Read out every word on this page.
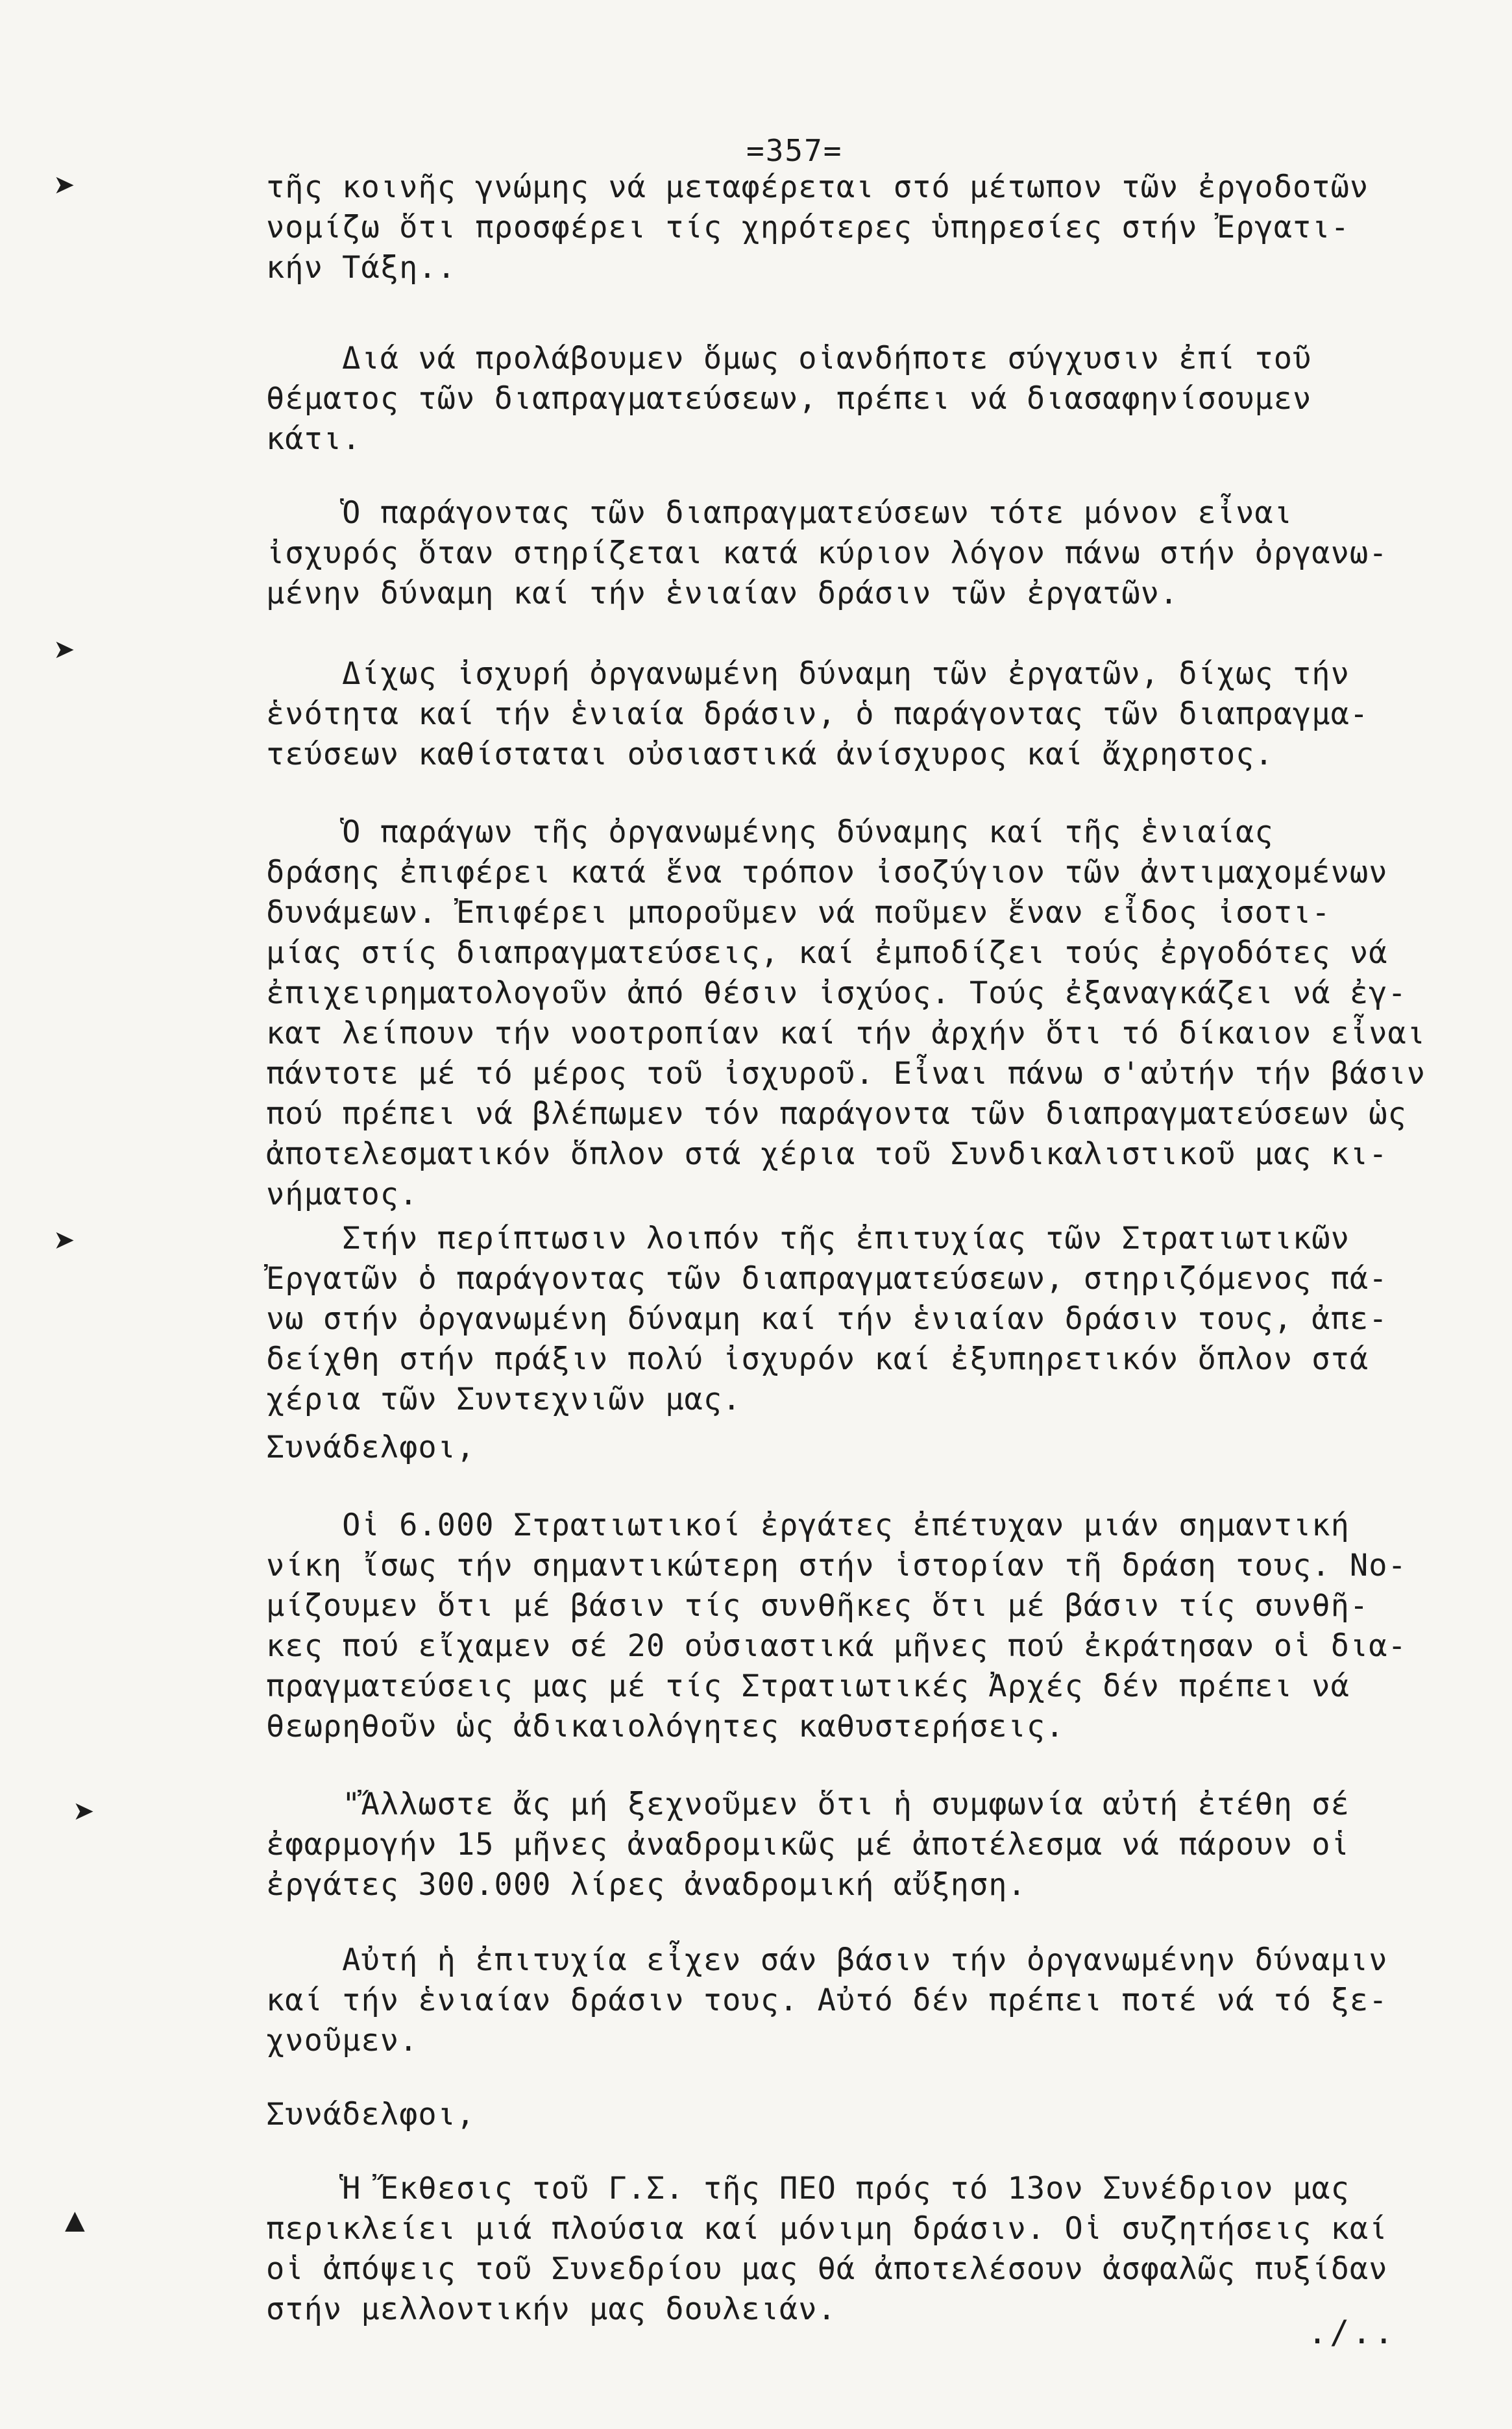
=357=
➤
➤
➤
➤
▲
τῆς κοινῆς γνώμης νά μεταφέρεται στό μέτωπον τῶν ἐργοδοτῶν
νομίζω ὅτι προσφέρει τίς χηρότερες ὑπηρεσίες στήν Ἐργατι-
κήν Τάξη..
Διά νά προλάβουμεν ὅμως οἱανδήποτε σύγχυσιν ἐπί τοῦ
θέματος τῶν διαπραγματεύσεων, πρέπει νά διασαφηνίσουμεν
κάτι.
Ὁ παράγοντας τῶν διαπραγματεύσεων τότε μόνον εἶναι
ἰσχυρός ὅταν στηρίζεται κατά κύριον λόγον πάνω στήν ὀργανω-
μένην δύναμη καί τήν ἑνιαίαν δράσιν τῶν ἐργατῶν.
Δίχως ἰσχυρή ὀργανωμένη δύναμη τῶν ἐργατῶν, δίχως τήν
ἑνότητα καί τήν ἑνιαία δράσιν, ὁ παράγοντας τῶν διαπραγμα-
τεύσεων καθίσταται οὐσιαστικά ἀνίσχυρος καί ἄχρηστος.
Ὁ παράγων τῆς ὀργανωμένης δύναμης καί τῆς ἑνιαίας
δράσης ἐπιφέρει κατά ἕνα τρόπον ἰσοζύγιον τῶν ἀντιμαχομένων
δυνάμεων. Ἐπιφέρει μποροῦμεν νά ποῦμεν ἕναν εἶδος ἰσοτι-
μίας στίς διαπραγματεύσεις, καί ἐμποδίζει τούς ἐργοδότες νά
ἐπιχειρηματολογοῦν ἀπό θέσιν ἰσχύος. Τούς ἐξαναγκάζει νά ἐγ-
κατ λείπουν τήν νοοτροπίαν καί τήν ἀρχήν ὅτι τό δίκαιον εἶναι
πάντοτε μέ τό μέρος τοῦ ἰσχυροῦ. Εἶναι πάνω σ'αὐτήν τήν βάσιν
πού πρέπει νά βλέπωμεν τόν παράγοντα τῶν διαπραγματεύσεων ὡς
ἀποτελεσματικόν ὅπλον στά χέρια τοῦ Συνδικαλιστικοῦ μας κι-
νήματος.
Στήν περίπτωσιν λοιπόν τῆς ἐπιτυχίας τῶν Στρατιωτικῶν
Ἐργατῶν ὁ παράγοντας τῶν διαπραγματεύσεων, στηριζόμενος πά-
νω στήν ὀργανωμένη δύναμη καί τήν ἑνιαίαν δράσιν τους, ἀπε-
δείχθη στήν πράξιν πολύ ἰσχυρόν καί ἐξυπηρετικόν ὅπλον στά
χέρια τῶν Συντεχνιῶν μας.
Συνάδελφοι,
Οἱ 6.000 Στρατιωτικοί ἐργάτες ἐπέτυχαν μιάν σημαντική
νίκη ἴσως τήν σημαντικώτερη στήν ἱστορίαν τῆ δράση τους. Νο-
μίζουμεν ὅτι μέ βάσιν τίς συνθῆκες ὅτι μέ βάσιν τίς συνθῆ-
κες πού εἴχαμεν σέ 20 οὐσιαστικά μῆνες πού ἐκράτησαν οἱ δια-
πραγματεύσεις μας μέ τίς Στρατιωτικές Ἀρχές δέν πρέπει νά
θεωρηθοῦν ὡς ἀδικαιολόγητες καθυστερήσεις.
"Ἄλλωστε ἄς μή ξεχνοῦμεν ὅτι ἡ συμφωνία αὐτή ἐτέθη σέ
ἐφαρμογήν 15 μῆνες ἀναδρομικῶς μέ ἀποτέλεσμα νά πάρουν οἱ
ἐργάτες 300.000 λίρες ἀναδρομική αὔξηση.
Αὐτή ἡ ἐπιτυχία εἶχεν σάν βάσιν τήν ὀργανωμένην δύναμιν
καί τήν ἑνιαίαν δράσιν τους. Αὐτό δέν πρέπει ποτέ νά τό ξε-
χνοῦμεν.
Συνάδελφοι,
Ἡ Ἔκθεσις τοῦ Γ.Σ. τῆς ΠΕΟ πρός τό 13ον Συνέδριον μας
περικλείει μιά πλούσια καί μόνιμη δράσιν. Οἱ συζητήσεις καί
οἱ ἀπόψεις τοῦ Συνεδρίου μας θά ἀποτελέσουν ἀσφαλῶς πυξίδαν
στήν μελλοντικήν μας δουλειάν.
./..
